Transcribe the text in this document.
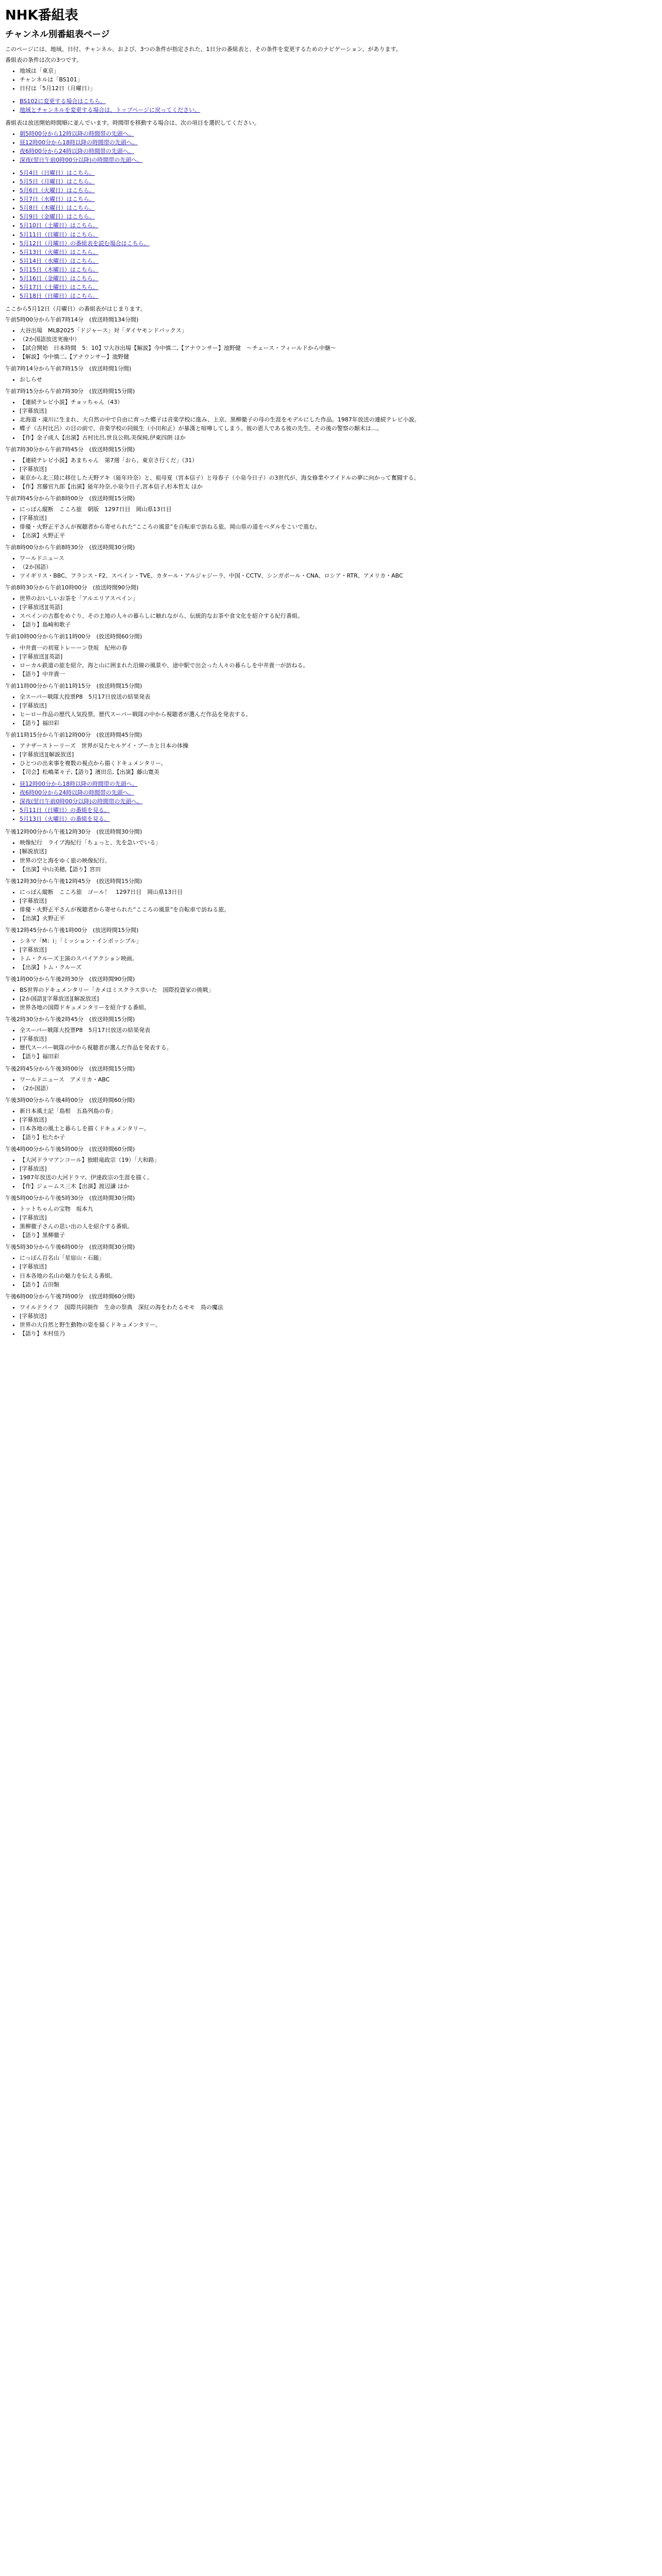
NHK番組表
チャンネル別番組表ページ

このページには、地域、日付、チャンネル、および、3つの条件が指定された、1日分の番組表と、その条件を変更するためのナビゲーション、があります。

番組表の条件は次の3つです。

• 地域は「東京」
• チャンネルは「BS101」
• 日付は「5月12日（月曜日）」
• BS102に変更する場合はこちら。
• 地域とチャンネルを変更する場合は、トップページに戻ってください。

番組表は放送開始時間順に並んでいます。時間帯を移動する場合は、次の項目を選択してください。

• 朝5時00分から12時以降の時間帯の先頭へ。
• 昼12時00分から18時以降の時間帯の先頭へ。
• 夜6時00分から24時以降の時間帯の先頭へ。
• 深夜(翌日午前0時00分以降)の時間帯の先頭へ。
• 5月4日（日曜日）はこちら。
• 5月5日（月曜日）はこちら。
• 5月6日（火曜日）はこちら。
• 5月7日（水曜日）はこちら。
• 5月8日（木曜日）はこちら。
• 5月9日（金曜日）はこちら。
• 5月10日（土曜日）はこちら。
• 5月11日（日曜日）はこちら。
• 5月12日（月曜日）の番組表を読む場合はこちら。
• 5月13日（火曜日）はこちら。
• 5月14日（水曜日）はこちら。
• 5月15日（木曜日）はこちら。
• 5月16日（金曜日）はこちら。
• 5月17日（土曜日）はこちら。
• 5月18日（日曜日）はこちら。

ここから5月12日（月曜日）の番組表がはじまります。

午前5時00分から午前7時14分　(放送時間134分間)

• 大谷出場　MLB2025「ドジャース」対「ダイヤモンドバックス」
• （2か国語放送実施中）
• 【試合開始　日本時間　5：10】▽大谷出場【解説】今中慎二,【アナウンサー】池野健　～チェース・フィールドから中継～
• 【解説】今中慎二,【アナウンサー】池野健

午前7時14分から午前7時15分　(放送時間1分間)

• おしらせ

午前7時15分から午前7時30分　(放送時間15分間)

• 【連続テレビ小説】チョッちゃん（43）
• [字幕放送]
• 北海道・滝川に生まれ、大自然の中で自由に育った蝶子は音楽学校に進み、上京。黒柳徹子の母の生涯をモデルにした作品。1987年放送の連続テレビ小説。
• 蝶子（古村比呂）の目の前で、音楽学校の同級生（小田和正）が暴漢と喧嘩してしまう。彼の恩人である彼の先生、その後の警察の顛末は…。
• 【作】金子成人【出演】古村比呂,世良公則,美保純,伊東四朗 ほか

午前7時30分から午前7時45分　(放送時間15分間)

• 【連続テレビ小説】あまちゃん　第7週「おら、東京さ行くだ」（31）
• [字幕放送]
• 東京から北三陸に移住した天野アキ（能年玲奈）と、祖母夏（宮本信子）と母春子（小泉今日子）の3世代が、海女修業やアイドルの夢に向かって奮闘する。
• 【作】宮藤官九郎【出演】能年玲奈,小泉今日子,宮本信子,杉本哲太 ほか

午前7時45分から午前8時00分　(放送時間15分間)

• にっぽん縦断　こころ旅　朝版　1297日目　岡山県13日目
• [字幕放送]
• 俳優・火野正平さんが視聴者から寄せられた“こころの風景”を自転車で訪ねる旅。岡山県の道をペダルをこいで進む。
• 【出演】火野正平

午前8時00分から午前8時30分　(放送時間30分間)

• ワールドニュース
• （2か国語）
• ツイギリス・BBC、フランス・F2、スペイン・TVE、カタール・アルジャジーラ、中国・CCTV、シンガポール・CNA、ロシア・RTR、アメリカ・ABC

午前8時30分から午前10時00分　(放送時間90分間)

• 世界のおいしいお茶を「アルエリアスペイン」
• [字幕放送][英語]
• スペインの古都をめぐり、その土地の人々の暮らしに触れながら、伝統的なお茶や食文化を紹介する紀行番組。
• 【語り】島崎和歌子

午前10時00分から午前11時00分　(放送時間60分間)

• 中井貴一の初夏トレーーン登坂　紀州の春
• [字幕放送][英語]
• ローカル鉄道の旅を紹介。海と山に囲まれた沿線の風景や、途中駅で出会った人々の暮らしを中井貴一が訪ねる。
• 【語り】中井貴一

午前11時00分から午前11時15分　(放送時間15分間)

• 全スーパー戦隊大投票P8　5月17日放送の結果発表
• [字幕放送]
• ヒーロー作品の歴代人気投票。歴代スーパー戦隊の中から視聴者が選んだ作品を発表する。
• 【語り】福田彩

午前11時15分から午前12時00分　(放送時間45分間)

• アナザーストーリーズ　世界が見たセルゲイ・ブーカと日本の体操
• [字幕放送][解説放送]
• ひとつの出来事を複数の視点から描くドキュメンタリー。
• 【司会】松嶋菜々子,【語り】濱田岳,【出演】藤山寛美
• 昼12時00分から18時以降の時間帯の先頭へ。
• 夜6時00分から24時以降の時間帯の先頭へ。
• 深夜(翌日午前0時00分以降)の時間帯の先頭へ。
• 5月11日（日曜日）の番組を見る。
• 5月13日（火曜日）の番組を見る。

午後12時00分から午後12時30分　(放送時間30分間)

• 映像紀行　ライブ海紀行「ちょっと、先を急いでいる」
• [解説放送]
• 世界の空と海をゆく旅の映像紀行。
• 【出演】中山美穂,【語り】宮田

午後12時30分から午後12時45分　(放送時間15分間)

• にっぽん縦断　こころ旅　ゴール！　1297日目　岡山県13日目
• [字幕放送]
• 俳優・火野正平さんが視聴者から寄せられた“こころの風景”を自転車で訪ねる旅。
• 【出演】火野正平

午後12時45分から午後1時00分　(放送時間15分間)

• シネマ「M：i」「ミッション・インポッシブル」
• [字幕放送]
• トム・クルーズ主演のスパイアクション映画。
• 【出演】トム・クルーズ

午後1時00分から午後2時30分　(放送時間90分間)

• BS世界のドキュメンタリー「カメはミスクラス歩いた　国際投資家の挑戦」
• [2か国語][字幕放送][解説放送]
• 世界各地の国際ドキュメンタリーを紹介する番組。

午後2時30分から午後2時45分　(放送時間15分間)

• 全スーパー戦隊大投票P8　5月17日放送の結果発表
• [字幕放送]
• 歴代スーパー戦隊の中から視聴者が選んだ作品を発表する。
• 【語り】福田彩

午後2時45分から午後3時00分　(放送時間15分間)

• ワールドニュース　アメリカ・ABC
• （2か国語）

午後3時00分から午後4時00分　(放送時間60分間)

• 新日本風土記「島根　五島列島の春」
• [字幕放送]
• 日本各地の風土と暮らしを描くドキュメンタリー。
• 【語り】松たか子

午後4時00分から午後5時00分　(放送時間60分間)

• 【大河ドラマアンコール】独眼竜政宗（19）「大和路」
• [字幕放送]
• 1987年放送の大河ドラマ。伊達政宗の生涯を描く。
• 【作】ジェームス三木【出演】渡辺謙 ほか

午後5時00分から午後5時30分　(放送時間30分間)

• トットちゃんの宝物　坂本九
• [字幕放送]
• 黒柳徹子さんの思い出の人を紹介する番組。
• 【語り】黒柳徹子

午後5時30分から午後6時00分　(放送時間30分間)

• にっぽん百名山「星宿山・石鎚」
• [字幕放送]
• 日本各地の名山の魅力を伝える番組。
• 【語り】吉田類

午後6時00分から午後7時00分　(放送時間60分間)

• ワイルドライフ　国際共同制作　生命の祭典　深紅の海をわたるモモ　鳥の魔法
• [字幕放送]
• 世界の大自然と野生動物の姿を描くドキュメンタリー。
• 【語り】木村佳乃
